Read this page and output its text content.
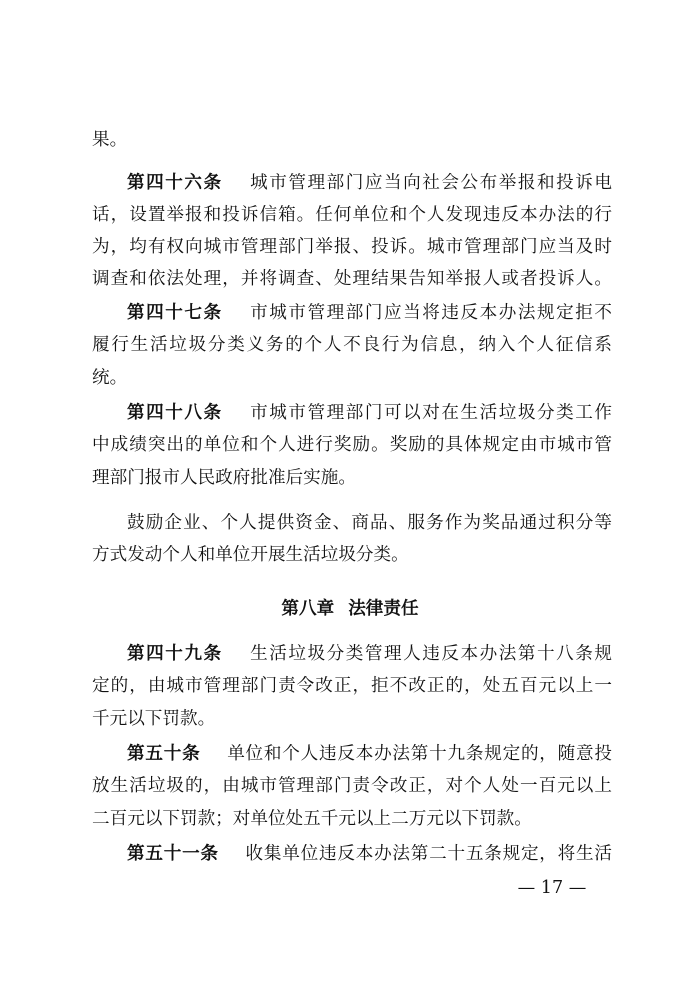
果。
第四十六条 城市管理部门应当向社会公布举报和投诉电
话，设置举报和投诉信箱。任何单位和个人发现违反本办法的行
为，均有权向城市管理部门举报、投诉。城市管理部门应当及时
调查和依法处理，并将调查、处理结果告知举报人或者投诉人。
第四十七条 市城市管理部门应当将违反本办法规定拒不
履行生活垃圾分类义务的个人不良行为信息，纳入个人征信系
统。
第四十八条 市城市管理部门可以对在生活垃圾分类工作
中成绩突出的单位和个人进行奖励。奖励的具体规定由市城市管
理部门报市人民政府批准后实施。
鼓励企业、个人提供资金、商品、服务作为奖品通过积分等
方式发动个人和单位开展生活垃圾分类。
第八章 法律责任
第四十九条 生活垃圾分类管理人违反本办法第十八条规
定的，由城市管理部门责令改正，拒不改正的，处五百元以上一
千元以下罚款。
第五十条 单位和个人违反本办法第十九条规定的，随意投
放生活垃圾的，由城市管理部门责令改正，对个人处一百元以上
二百元以下罚款；对单位处五千元以上二万元以下罚款。
第五十一条 收集单位违反本办法第二十五条规定，将生活
— 17 —
